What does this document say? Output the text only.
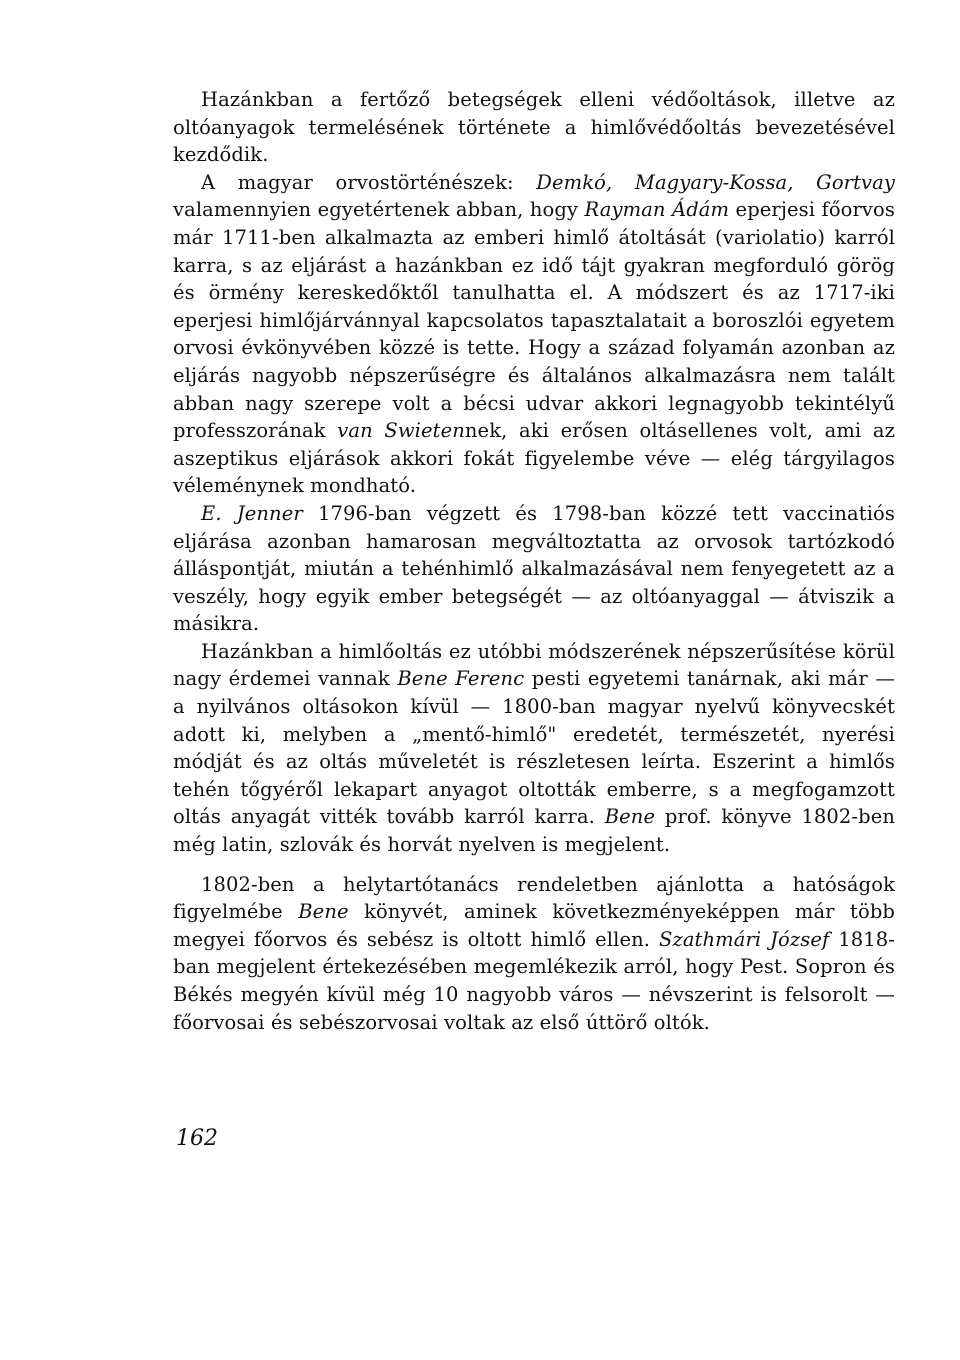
Hazánkban a fertőző betegségek elleni védőoltások, illetve az oltóanyagok termelésének története a himlővédőoltás bevezetésével kezdődik.

A magyar orvostörténészek: Demkó, Magyary-Kossa, Gortvay valamennyien egyetértenek abban, hogy Rayman Ádám eperjesi főorvos már 1711-ben alkalmazta az emberi himlő átoltását (variolatio) karról karra, s az eljárást a hazánkban ez idő tájt gyakran megforduló görög és örmény kereskedőktől tanulhatta el. A módszert és az 1717-iki eperjesi himlőjárvánnyal kapcsolatos tapasztalatait a boroszlói egyetem orvosi évkönyvében közzé is tette. Hogy a század folyamán azonban az eljárás nagyobb népszerűségre és általános alkalmazásra nem talált abban nagy szerepe volt a bécsi udvar akkori legnagyobb tekintélyű professzorának van Swietennek, aki erősen oltásellenes volt, ami az aszeptikus eljárások akkori fokát figyelembe véve — elég tárgyilagos véleménynek mondható.

E. Jenner 1796-ban végzett és 1798-ban közzé tett vaccinatiós eljárása azonban hamarosan megváltoztatta az orvosok tartózkodó álláspontját, miután a tehénhimlő alkalmazásával nem fenyegetett az a veszély, hogy egyik ember betegségét — az oltóanyaggal — átviszik a másikra.

Hazánkban a himlőoltás ez utóbbi módszerének népszerűsítése körül nagy érdemei vannak Bene Ferenc pesti egyetemi tanárnak, aki már — a nyilvános oltásokon kívül — 1800-ban magyar nyelvű könyvecskét adott ki, melyben a „mentő-himlő" eredetét, természetét, nyerési módját és az oltás műveletét is részletesen leírta. Eszerint a himlős tehén tőgyéről lekapart anyagot oltották emberre, s a megfogamzott oltás anyagát vitték tovább karról karra. Bene prof. könyve 1802-ben még latin, szlovák és horvát nyelven is megjelent.

1802-ben a helytartótanács rendeletben ajánlotta a hatóságok figyelmébe Bene könyvét, aminek következményeképpen már több megyei főorvos és sebész is oltott himlő ellen. Szathmári József 1818-ban megjelent értekezésében megemlékezik arról, hogy Pest. Sopron és Békés megyén kívül még 10 nagyobb város — névszerint is felsorolt — főorvosai és sebészorvosai voltak az első úttörő oltók.

162
